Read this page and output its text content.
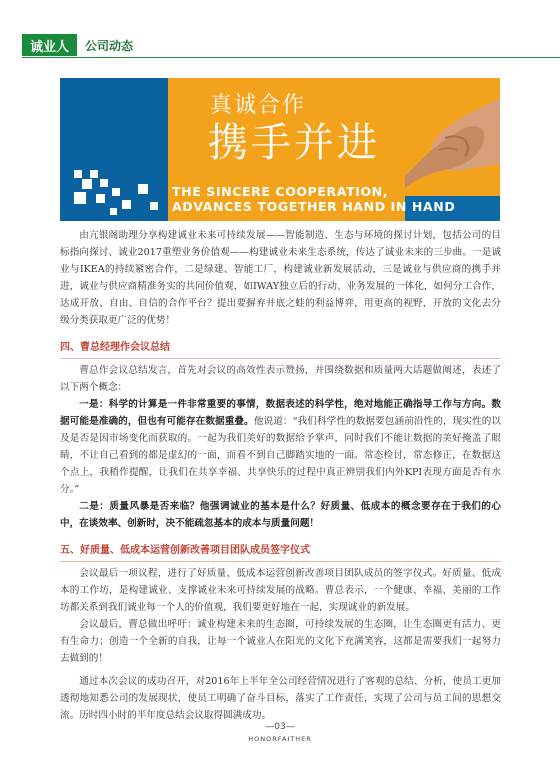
诚业人	公司动态
真诚合作
携手并进
THE SINCERE COOPERATION,
ADVANCES TOGETHER HAND IN HAND

由亢银阁助理分享构建诚业未来可持续发展——智能制造、生态与环境的探讨计划，包括公司的目标指向探讨、诚业2017重塑业务价值观——构建诚业未来生态系统，传达了诚业未来的三步曲。一是诚业与IKEA的持续紧密合作，二是绿建、智能工厂，构建诚业新发展活动，三是诚业与供应商的携手并进，诚业与供应商精准务实的共同价值观，如IWAY独立后的行动、业务发展的一体化，如何分工合作，达成开放、自由、自信的合作平台？提出要摒弃井底之蛙的利益博弈，用更高的视野，开放的文化去分级分类获取更广泛的优势！

四、曹总经理作会议总结

曹总作会议总结发言，首先对会议的高效性表示赞扬，并围绕数据和质量两大话题做阐述，表述了以下两个概念：

一是：科学的计算是一件非常重要的事情，数据表述的科学性，绝对地能正确指导工作与方向。数据可能是准确的，但也有可能存在数据重叠。他说道：“我们科学性的数据要包涵前沿性的，现实性的以及是否是因市场变化而获取的。一起为我们美好的数据给予掌声，同时我们不能让数据的美好掩盖了眼睛，不让自己看到的都是虚幻的一面，而看不到自己脚踏实地的一面。常态检讨，常态修正，在数据这个点上，我稍作提醒，让我们在共享幸福、共享快乐的过程中真正辨别我们内外KPI表现方面是否有水分。”

二是：质量风暴是否来临？他强调诚业的基本是什么？好质量、低成本的概念要存在于我们的心中，在谈效率、创新时，决不能疏忽基本的成本与质量问题！

五、好质量、低成本运营创新改善项目团队成员签字仪式

会议最后一项议程，进行了好质量、低成本运营创新改善项目团队成员的签字仪式。好质量、低成本的工作坊，是构建诚业、支撑诚业未来可持续发展的战略。曹总表示，一个健康、幸福、美丽的工作坊都关系到我们诚业每一个人的价值观，我们要更好地在一起，实现诚业的新发展。

会议最后，曹总做出呼吁：诚业构建未来的生态圈，可持续发展的生态圈，让生态圈更有活力、更有生命力；创造一个全新的自我，让每一个诚业人在阳光的文化下充满笑容，这都是需要我们一起努力去做到的！

通过本次会议的成功召开，对2016年上半年全公司经营情况进行了客观的总结、分析，使员工更加透彻地知悉公司的发展现状，使员工明确了奋斗目标，落实了工作责任，实现了公司与员工间的思想交流。历时四小时的半年度总结会议取得圆满成功。

—03—
HONORFAITHER
